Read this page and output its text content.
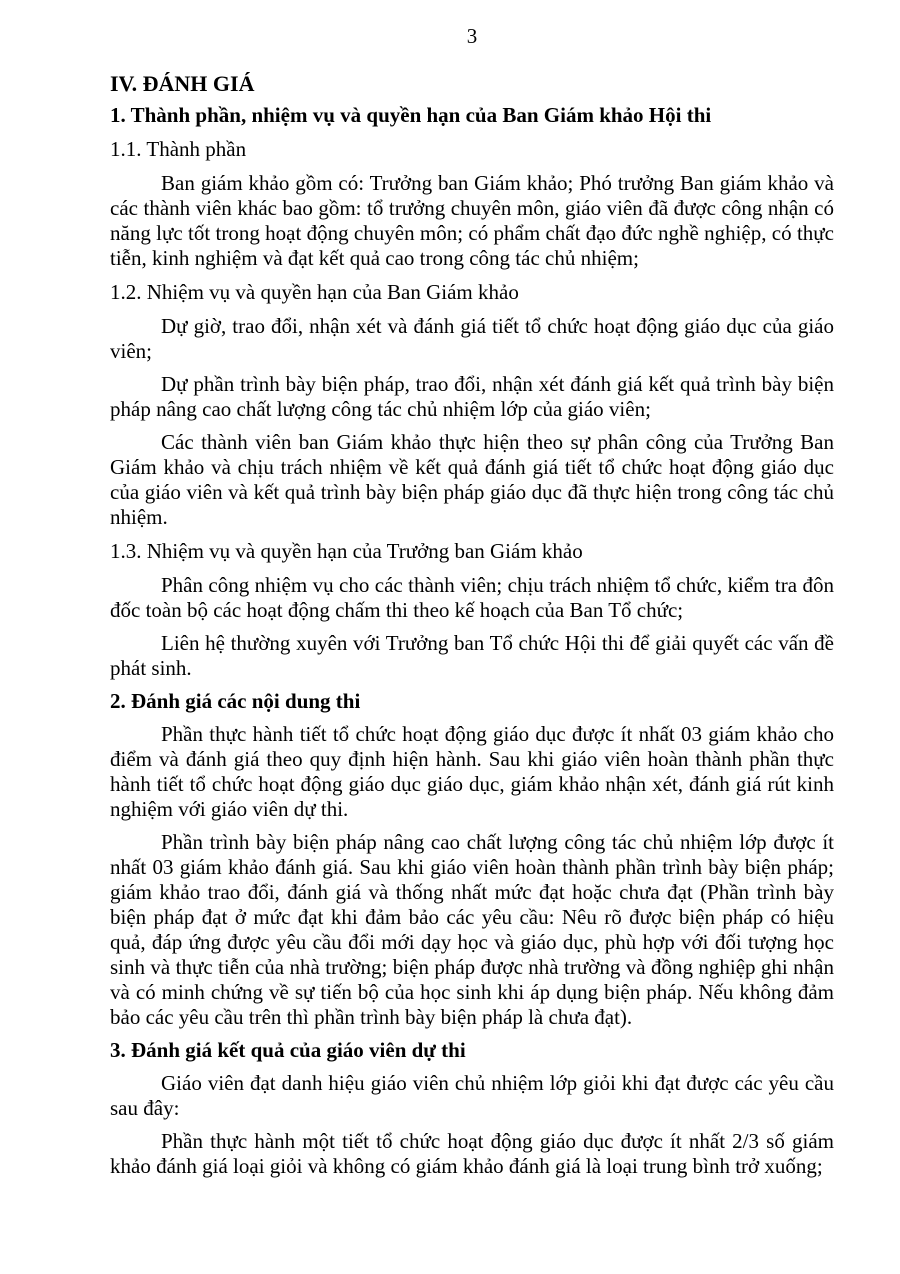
3
IV. ĐÁNH GIÁ
1. Thành phần, nhiệm vụ và quyền hạn của Ban Giám khảo Hội thi
1.1. Thành phần

Ban giám khảo gồm có: Trưởng ban Giám khảo; Phó trưởng Ban giám khảo và các thành viên khác bao gồm: tổ trưởng chuyên môn, giáo viên đã được công nhận có năng lực tốt trong hoạt động chuyên môn; có phẩm chất đạo đức nghề nghiệp, có thực tiễn, kinh nghiệm và đạt kết quả cao trong công tác chủ nhiệm;

1.2. Nhiệm vụ và quyền hạn của Ban Giám khảo

Dự giờ, trao đổi, nhận xét và đánh giá tiết tổ chức hoạt động giáo dục của giáo viên;

Dự phần trình bày biện pháp, trao đổi, nhận xét đánh giá kết quả trình bày biện pháp nâng cao chất lượng công tác chủ nhiệm lớp của giáo viên;

Các thành viên ban Giám khảo thực hiện theo sự phân công của Trưởng Ban Giám khảo và chịu trách nhiệm về kết quả đánh giá tiết tổ chức hoạt động giáo dục của giáo viên và kết quả trình bày biện pháp giáo dục đã thực hiện trong công tác chủ nhiệm.

1.3. Nhiệm vụ và quyền hạn của Trưởng ban Giám khảo

Phân công nhiệm vụ cho các thành viên; chịu trách nhiệm tổ chức, kiểm tra đôn đốc toàn bộ các hoạt động chấm thi theo kế hoạch của Ban Tổ chức;

Liên hệ thường xuyên với Trưởng ban Tổ chức Hội thi để giải quyết các vấn đề phát sinh.

2. Đánh giá các nội dung thi

Phần thực hành tiết tổ chức hoạt động giáo dục được ít nhất 03 giám khảo cho điểm và đánh giá theo quy định hiện hành. Sau khi giáo viên hoàn thành phần thực hành tiết tổ chức hoạt động giáo dục giáo dục, giám khảo nhận xét, đánh giá rút kinh nghiệm với giáo viên dự thi.

Phần trình bày biện pháp nâng cao chất lượng công tác chủ nhiệm lớp được ít nhất 03 giám khảo đánh giá. Sau khi giáo viên hoàn thành phần trình bày biện pháp; giám khảo trao đổi, đánh giá và thống nhất mức đạt hoặc chưa đạt (Phần trình bày biện pháp đạt ở mức đạt khi đảm bảo các yêu cầu: Nêu rõ được biện pháp có hiệu quả, đáp ứng được yêu cầu đổi mới dạy học và giáo dục, phù hợp với đối tượng học sinh và thực tiễn của nhà trường; biện pháp được nhà trường và đồng nghiệp ghi nhận và có minh chứng về sự tiến bộ của học sinh khi áp dụng biện pháp. Nếu không đảm bảo các yêu cầu trên thì phần trình bày biện pháp là chưa đạt).

3. Đánh giá kết quả của giáo viên dự thi

Giáo viên đạt danh hiệu giáo viên chủ nhiệm lớp giỏi khi đạt được các yêu cầu sau đây:

Phần thực hành một tiết tổ chức hoạt động giáo dục được ít nhất 2/3 số giám khảo đánh giá loại giỏi và không có giám khảo đánh giá là loại trung bình trở xuống;
